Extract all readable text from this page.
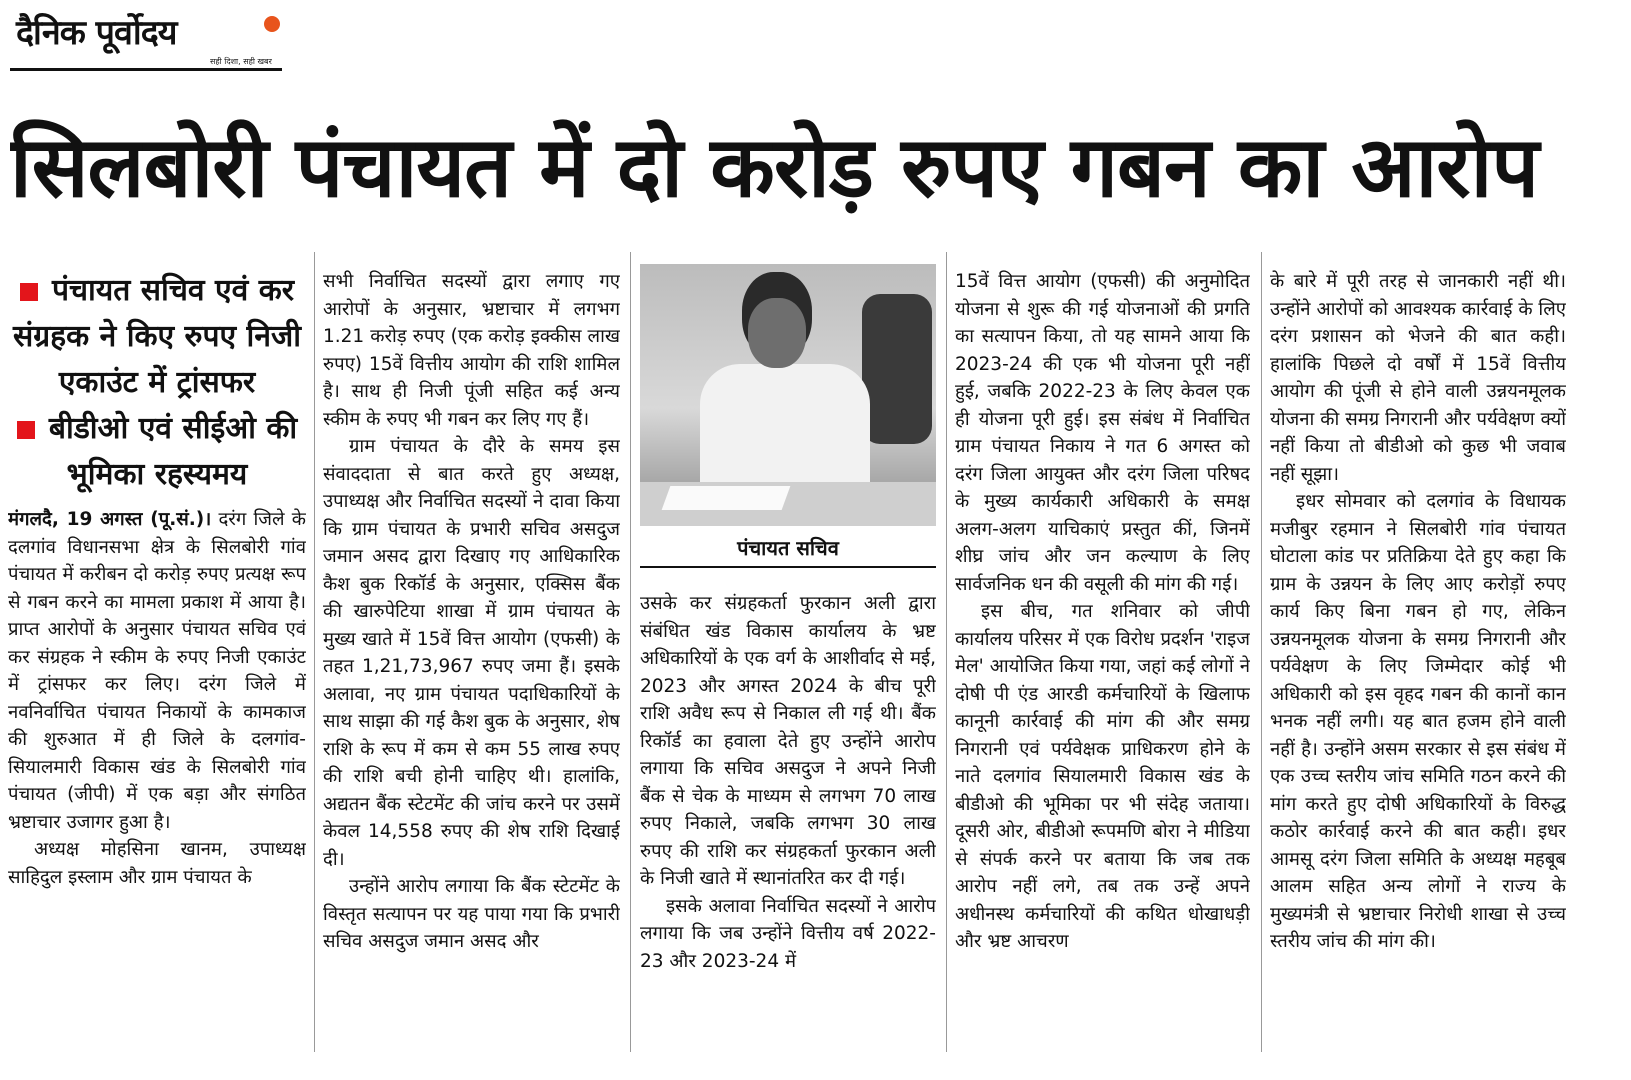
दैनिक पूर्वोदय
सही दिशा, सही खबर
सिलबोरी पंचायत में दो करोड़ रुपए गबन का आरोप
पंचायत सचिव एवं कर संग्रहक ने किए रुपए निजी एकाउंट में ट्रांसफर
बीडीओ एवं सीईओ की भूमिका रहस्यमय

मंगलदै, 19 अगस्त (पू.सं.)। दरंग जिले के दलगांव विधानसभा क्षेत्र के सिलबोरी गांव पंचायत में करीबन दो करोड़ रुपए प्रत्यक्ष रूप से गबन करने का मामला प्रकाश में आया है। प्राप्त आरोपों के अनुसार पंचायत सचिव एवं कर संग्रहक ने स्कीम के रुपए निजी एकाउंट में ट्रांसफर कर लिए। दरंग जिले में नवनिर्वाचित पंचायत निकायों के कामकाज की शुरुआत में ही जिले के दलगांव-सियालमारी विकास खंड के सिलबोरी गांव पंचायत (जीपी) में एक बड़ा और संगठित भ्रष्टाचार उजागर हुआ है।

अध्यक्ष मोहसिना खानम, उपाध्यक्ष साहिदुल इस्लाम और ग्राम पंचायत के

सभी निर्वाचित सदस्यों द्वारा लगाए गए आरोपों के अनुसार, भ्रष्टाचार में लगभग 1.21 करोड़ रुपए (एक करोड़ इक्कीस लाख रुपए) 15वें वित्तीय आयोग की राशि शामिल है। साथ ही निजी पूंजी सहित कई अन्य स्कीम के रुपए भी गबन कर लिए गए हैं।

ग्राम पंचायत के दौरे के समय इस संवाददाता से बात करते हुए अध्यक्ष, उपाध्यक्ष और निर्वाचित सदस्यों ने दावा किया कि ग्राम पंचायत के प्रभारी सचिव असदुज जमान असद द्वारा दिखाए गए आधिकारिक कैश बुक रिकॉर्ड के अनुसार, एक्सिस बैंक की खारुपेटिया शाखा में ग्राम पंचायत के मुख्य खाते में 15वें वित्त आयोग (एफसी) के तहत 1,21,73,967 रुपए जमा हैं। इसके अलावा, नए ग्राम पंचायत पदाधिकारियों के साथ साझा की गई कैश बुक के अनुसार, शेष राशि के रूप में कम से कम 55 लाख रुपए की राशि बची होनी चाहिए थी। हालांकि, अद्यतन बैंक स्टेटमेंट की जांच करने पर उसमें केवल 14,558 रुपए की शेष राशि दिखाई दी।

उन्होंने आरोप लगाया कि बैंक स्टेटमेंट के विस्तृत सत्यापन पर यह पाया गया कि प्रभारी सचिव असदुज जमान असद और

पंचायत सचिव

उसके कर संग्रहकर्ता फुरकान अली द्वारा संबंधित खंड विकास कार्यालय के भ्रष्ट अधिकारियों के एक वर्ग के आशीर्वाद से मई, 2023 और अगस्त 2024 के बीच पूरी राशि अवैध रूप से निकाल ली गई थी। बैंक रिकॉर्ड का हवाला देते हुए उन्होंने आरोप लगाया कि सचिव असदुज ने अपने निजी बैंक से चेक के माध्यम से लगभग 70 लाख रुपए निकाले, जबकि लगभग 30 लाख रुपए की राशि कर संग्रहकर्ता फुरकान अली के निजी खाते में स्थानांतरित कर दी गई।

इसके अलावा निर्वाचित सदस्यों ने आरोप लगाया कि जब उन्होंने वित्तीय वर्ष 2022-23 और 2023-24 में

15वें वित्त आयोग (एफसी) की अनुमोदित योजना से शुरू की गई योजनाओं की प्रगति का सत्यापन किया, तो यह सामने आया कि 2023-24 की एक भी योजना पूरी नहीं हुई, जबकि 2022-23 के लिए केवल एक ही योजना पूरी हुई। इस संबंध में निर्वाचित ग्राम पंचायत निकाय ने गत 6 अगस्त को दरंग जिला आयुक्त और दरंग जिला परिषद के मुख्य कार्यकारी अधिकारी के समक्ष अलग-अलग याचिकाएं प्रस्तुत कीं, जिनमें शीघ्र जांच और जन कल्याण के लिए सार्वजनिक धन की वसूली की मांग की गई।

इस बीच, गत शनिवार को जीपी कार्यालय परिसर में एक विरोध प्रदर्शन 'राइज मेल' आयोजित किया गया, जहां कई लोगों ने दोषी पी एंड आरडी कर्मचारियों के खिलाफ कानूनी कार्रवाई की मांग की और समग्र निगरानी एवं पर्यवेक्षक प्राधिकरण होने के नाते दलगांव सियालमारी विकास खंड के बीडीओ की भूमिका पर भी संदेह जताया। दूसरी ओर, बीडीओ रूपमणि बोरा ने मीडिया से संपर्क करने पर बताया कि जब तक आरोप नहीं लगे, तब तक उन्हें अपने अधीनस्थ कर्मचारियों की कथित धोखाधड़ी और भ्रष्ट आचरण

के बारे में पूरी तरह से जानकारी नहीं थी। उन्होंने आरोपों को आवश्यक कार्रवाई के लिए दरंग प्रशासन को भेजने की बात कही। हालांकि पिछले दो वर्षों में 15वें वित्तीय आयोग की पूंजी से होने वाली उन्नयनमूलक योजना की समग्र निगरानी और पर्यवेक्षण क्यों नहीं किया तो बीडीओ को कुछ भी जवाब नहीं सूझा।

इधर सोमवार को दलगांव के विधायक मजीबुर रहमान ने सिलबोरी गांव पंचायत घोटाला कांड पर प्रतिक्रिया देते हुए कहा कि ग्राम के उन्नयन के लिए आए करोड़ों रुपए कार्य किए बिना गबन हो गए, लेकिन उन्नयनमूलक योजना के समग्र निगरानी और पर्यवेक्षण के लिए जिम्मेदार कोई भी अधिकारी को इस वृहद गबन की कानों कान भनक नहीं लगी। यह बात हजम होने वाली नहीं है। उन्होंने असम सरकार से इस संबंध में एक उच्च स्तरीय जांच समिति गठन करने की मांग करते हुए दोषी अधिकारियों के विरुद्ध कठोर कार्रवाई करने की बात कही। इधर आमसू दरंग जिला समिति के अध्यक्ष महबूब आलम सहित अन्य लोगों ने राज्य के मुख्यमंत्री से भ्रष्टाचार निरोधी शाखा से उच्च स्तरीय जांच की मांग की।
